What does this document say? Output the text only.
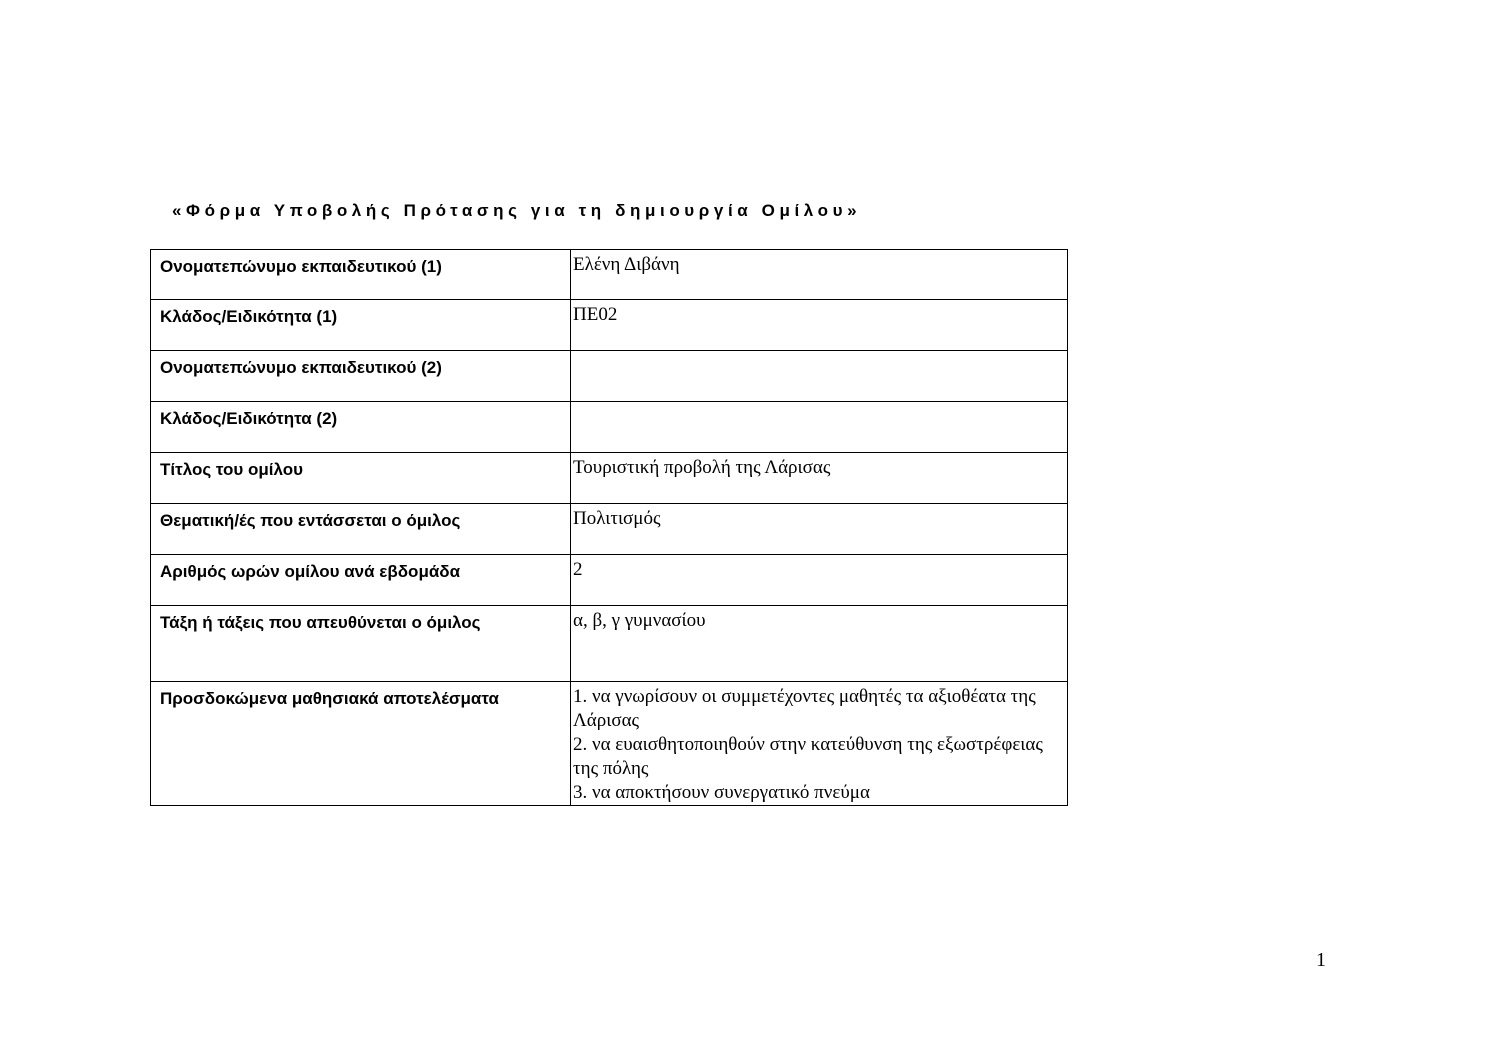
«Φόρμα Υποβολής Πρότασης για τη δημιουργία Ομίλου»
Ονοματεπώνυμο εκπαιδευτικού (1)	Ελένη Διβάνη
Κλάδος/Ειδικότητα (1)	ΠΕ02
Ονοματεπώνυμο εκπαιδευτικού (2)	
Κλάδος/Ειδικότητα (2)	
Τίτλος του ομίλου	Τουριστική προβολή της Λάρισας
Θεματική/ές που εντάσσεται ο όμιλος	Πολιτισμός
Αριθμός ωρών ομίλου ανά εβδομάδα	2
Τάξη ή τάξεις που απευθύνεται ο όμιλος	α, β, γ γυμνασίου
Προσδοκώμενα μαθησιακά αποτελέσματα	1. να γνωρίσουν οι συμμετέχοντες μαθητές τα αξιοθέατα της Λάρισας
2. να ευαισθητοποιηθούν στην κατεύθυνση της εξωστρέφειας της πόλης
3. να αποκτήσουν συνεργατικό πνεύμα
1
